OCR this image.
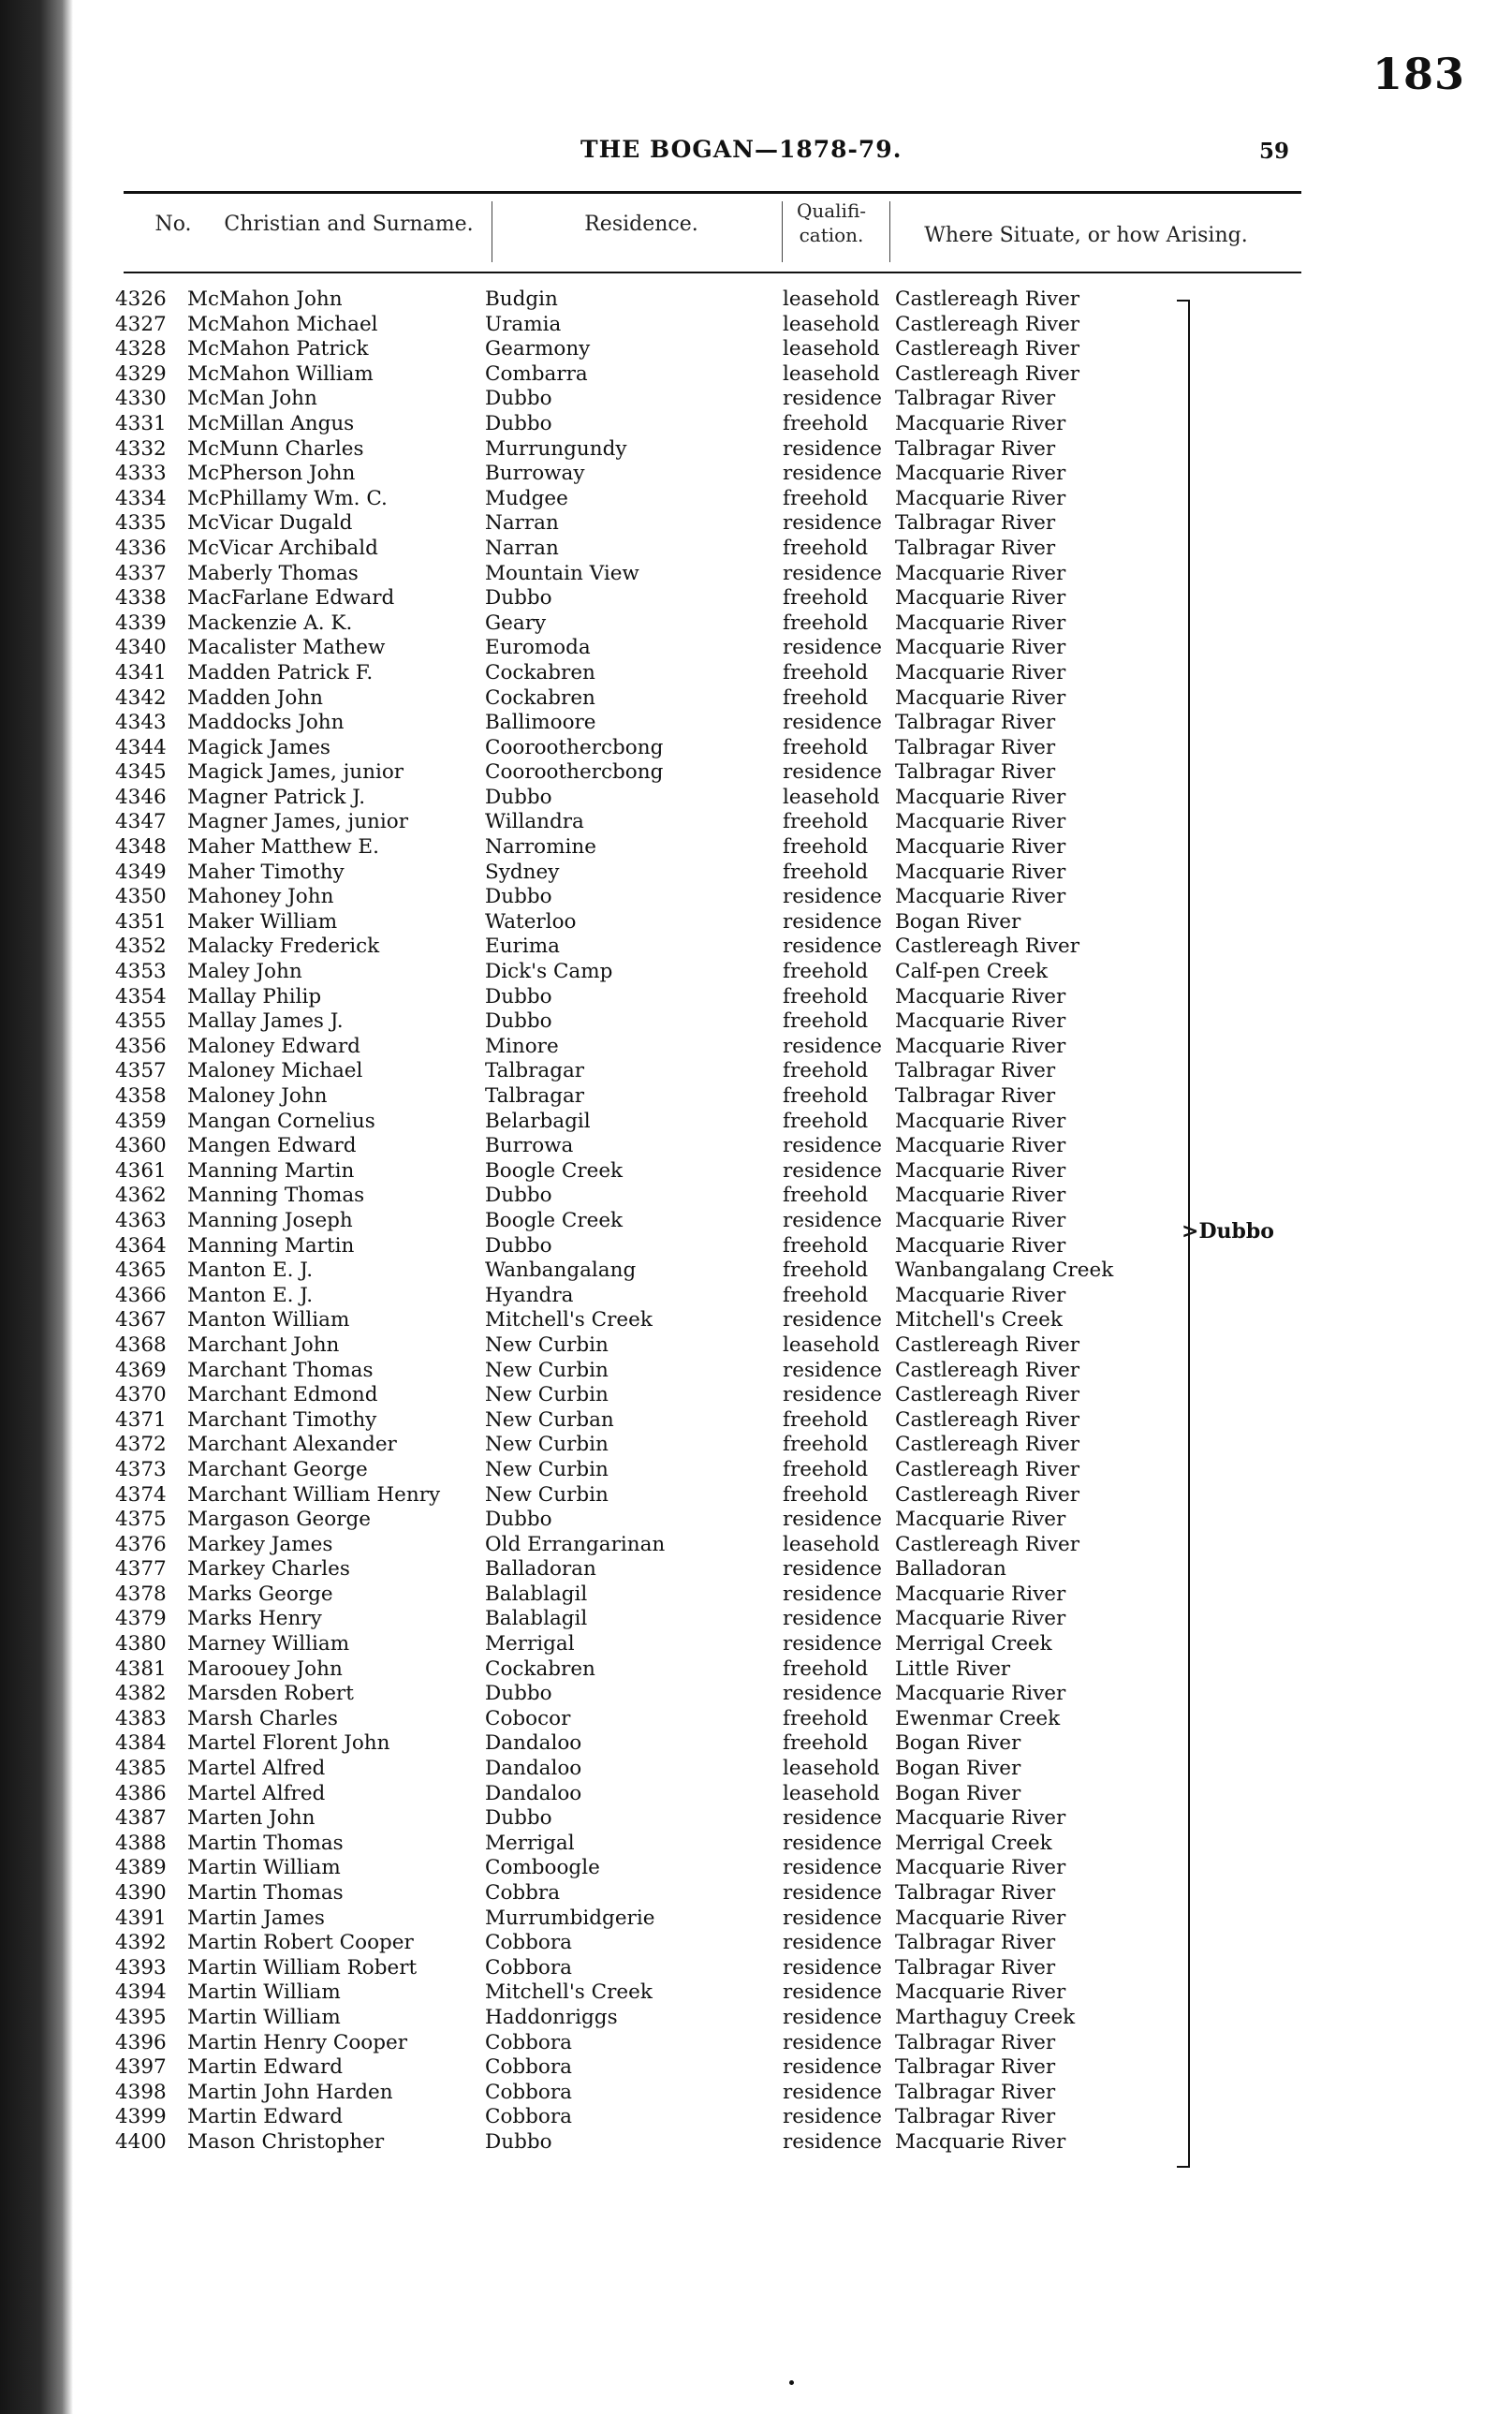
183
THE BOGAN—1878-79.	59
No. Christian and Surname.	Residence.
Qualifi-
cation.	Where Situate, or how Arising.
4326	McMahon John	Budgin	leasehold Castlereagh River
4327	McMahon Michael	Uramia	leasehold Castlereagh River
4328	McMahon Patrick	Gearmony	leasehold Castlereagh River
4329	McMahon William	Combarra	leasehold Castlereagh River
4330	McMan John	Dubbo	residence Talbragar River
4331	McMillan Angus	Dubbo	freehold Macquarie River
4332	McMunn Charles	Murrungundy	residence Talbragar River
4333	McPherson John	Burroway	residence Macquarie River
4334	McPhillamy Wm. C.	Mudgee	freehold Macquarie River
4335	McVicar Dugald	Narran	residence Talbragar River
4336	McVicar Archibald	Narran	freehold Talbragar River
4337	Maberly Thomas	Mountain View	residence Macquarie River
4338	MacFarlane Edward	Dubbo	freehold Macquarie River
4339	Mackenzie A. K.	Geary	freehold Macquarie River
4340	Macalister Mathew	Euromoda	residence Macquarie River
4341	Madden Patrick F.	Cockabren	freehold Macquarie River
4342	Madden John	Cockabren	freehold Macquarie River
4343	Maddocks John	Ballimoore	residence Talbragar River
4344	Magick James	Cooroothercbong	freehold Talbragar River
4345	Magick James, junior	Cooroothercbong	residence Talbragar River
4346	Magner Patrick J.	Dubbo	leasehold Macquarie River
4347	Magner James, junior	Willandra	freehold Macquarie River
4348	Maher Matthew E.	Narromine	freehold Macquarie River
4349	Maher Timothy	Sydney	freehold Macquarie River
4350	Mahoney John	Dubbo	residence Macquarie River
4351	Maker William	Waterloo	residence Bogan River
4352	Malacky Frederick	Eurima	residence Castlereagh River
4353	Maley John	Dick's Camp	freehold Calf-pen Creek
4354	Mallay Philip	Dubbo	freehold Macquarie River
4355	Mallay James J.	Dubbo	freehold Macquarie River
4356	Maloney Edward	Minore	residence Macquarie River
4357	Maloney Michael	Talbragar	freehold Talbragar River
4358	Maloney John	Talbragar	freehold Talbragar River
4359	Mangan Cornelius	Belarbagil	freehold Macquarie River
4360	Mangen Edward	Burrowa	residence Macquarie River
4361	Manning Martin	Boogle Creek	residence Macquarie River
4362	Manning Thomas	Dubbo	freehold Macquarie River
4363	Manning Joseph	Boogle Creek	residence Macquarie River
4364	Manning Martin	Dubbo	freehold Macquarie River
4365	Manton E. J.	Wanbangalang	freehold Wanbangalang Creek
4366	Manton E. J.	Hyandra	freehold Macquarie River
4367	Manton William	Mitchell's Creek	residence Mitchell's Creek
4368	Marchant John	New Curbin	leasehold Castlereagh River
4369	Marchant Thomas	New Curbin	residence Castlereagh River
4370	Marchant Edmond	New Curbin	residence Castlereagh River
4371	Marchant Timothy	New Curban	freehold Castlereagh River
4372	Marchant Alexander	New Curbin	freehold Castlereagh River
4373	Marchant George	New Curbin	freehold Castlereagh River
4374	Marchant William Henry New Curbin	freehold Castlereagh River
4375	Margason George	Dubbo	residence Macquarie River
4376	Markey James	Old Errangarinan	leasehold Castlereagh River
4377	Markey Charles	Balladoran	residence Balladoran
4378	Marks George	Balablagil	residence Macquarie River
4379	Marks Henry	Balablagil	residence Macquarie River
4380	Marney William	Merrigal	residence Merrigal Creek
4381	Maroouey John	Cockabren	freehold Little River
4382	Marsden Robert	Dubbo	residence Macquarie River
4383	Marsh Charles	Cobocor	freehold Ewenmar Creek
4384	Martel Florent John	Dandaloo	freehold Bogan River
4385	Martel Alfred	Dandaloo	leasehold Bogan River
4386	Martel Alfred	Dandaloo	leasehold Bogan River
4387	Marten John	Dubbo	residence Macquarie River
4388	Martin Thomas	Merrigal	residence Merrigal Creek
4389	Martin William	Comboogle	residence Macquarie River
4390	Martin Thomas	Cobbra	residence Talbragar River
4391	Martin James	Murrumbidgerie	residence Macquarie River
4392	Martin Robert Cooper	Cobbora	residence Talbragar River
4393	Martin William Robert	Cobbora	residence Talbragar River
4394	Martin William	Mitchell's Creek	residence Macquarie River
4395	Martin William	Haddonriggs	residence Marthaguy Creek
4396	Martin Henry Cooper	Cobbora	residence Talbragar River
4397	Martin Edward	Cobbora	residence Talbragar River
4398	Martin John Harden	Cobbora	residence Talbragar River
4399	Martin Edward	Cobbora	residence Talbragar River
4400	Mason Christopher	Dubbo	residence Macquarie River
>Dubbo
